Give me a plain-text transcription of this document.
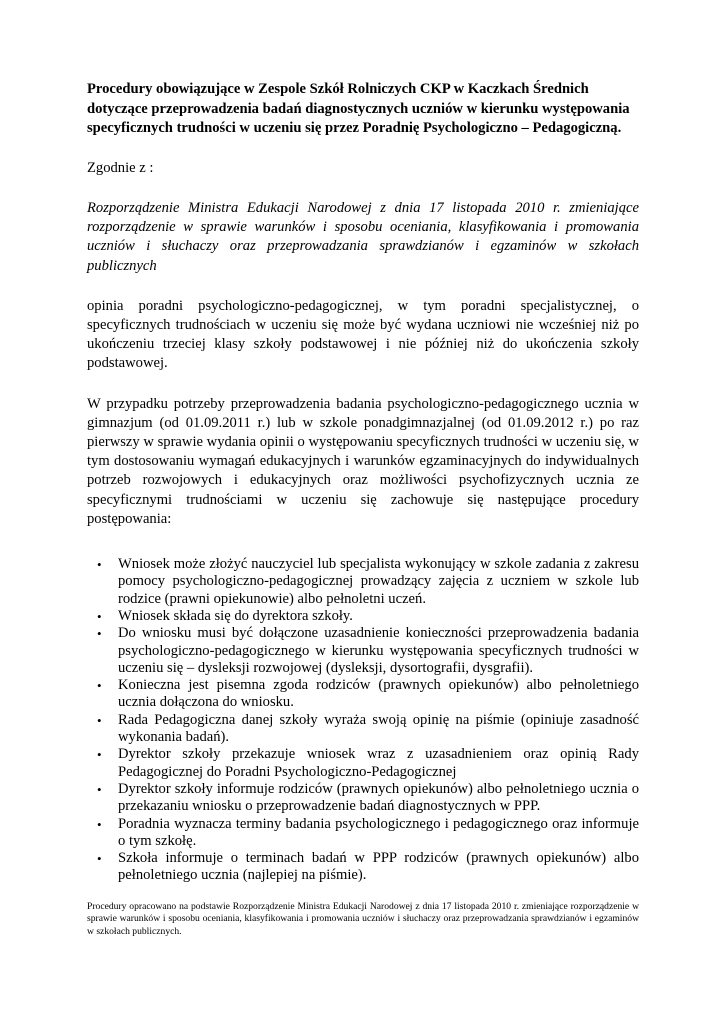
Procedury obowiązujące w Zespole Szkół Rolniczych CKP w Kaczkach Średnich dotyczące przeprowadzenia badań diagnostycznych uczniów w kierunku występowania specyficznych trudności w uczeniu się przez Poradnię Psychologiczno – Pedagogiczną.

Zgodnie z :

Rozporządzenie Ministra Edukacji Narodowej z dnia 17 listopada 2010 r. zmieniające rozporządzenie w sprawie warunków i sposobu oceniania, klasyfikowania i promowania uczniów i słuchaczy oraz przeprowadzania sprawdzianów i egzaminów w szkołach publicznych

opinia poradni psychologiczno-pedagogicznej, w tym poradni specjalistycznej, o specyficznych trudnościach w uczeniu się może być wydana uczniowi nie wcześniej niż po ukończeniu trzeciej klasy szkoły podstawowej i nie później niż do ukończenia szkoły podstawowej.

W przypadku potrzeby przeprowadzenia badania psychologiczno-pedagogicznego ucznia w gimnazjum (od 01.09.2011 r.) lub w szkole ponadgimnazjalnej (od 01.09.2012 r.) po raz pierwszy w sprawie wydania opinii o występowaniu specyficznych trudności w uczeniu się, w tym dostosowaniu wymagań edukacyjnych i warunków egzaminacyjnych do indywidualnych potrzeb rozwojowych i edukacyjnych oraz możliwości psychofizycznych ucznia ze specyficznymi trudnościami w uczeniu się zachowuje się następujące procedury postępowania:

• Wniosek może złożyć nauczyciel lub specjalista wykonujący w szkole zadania z zakresu pomocy psychologiczno-pedagogicznej prowadzący zajęcia z uczniem w szkole lub rodzice (prawni opiekunowie) albo pełnoletni uczeń.
• Wniosek składa się do dyrektora szkoły.
• Do wniosku musi być dołączone uzasadnienie konieczności przeprowadzenia badania psychologiczno-pedagogicznego w kierunku występowania specyficznych trudności w uczeniu się – dysleksji rozwojowej (dysleksji, dysortografii, dysgrafii).
• Konieczna jest pisemna zgoda rodziców (prawnych opiekunów) albo pełnoletniego ucznia dołączona do wniosku.
• Rada Pedagogiczna danej szkoły wyraża swoją opinię na piśmie (opiniuje zasadność wykonania badań).
• Dyrektor szkoły przekazuje wniosek wraz z uzasadnieniem oraz opinią Rady Pedagogicznej do Poradni Psychologiczno-Pedagogicznej
• Dyrektor szkoły informuje rodziców (prawnych opiekunów) albo pełnoletniego ucznia o przekazaniu wniosku o przeprowadzenie badań diagnostycznych w PPP.
• Poradnia wyznacza terminy badania psychologicznego i pedagogicznego oraz informuje o tym szkołę.
• Szkoła informuje o terminach badań w PPP rodziców (prawnych opiekunów) albo pełnoletniego ucznia (najlepiej na piśmie).

Procedury opracowano na podstawie Rozporządzenie Ministra Edukacji Narodowej z dnia 17 listopada 2010 r. zmieniające rozporządzenie w sprawie warunków i sposobu oceniania, klasyfikowania i promowania uczniów i słuchaczy oraz przeprowadzania sprawdzianów i egzaminów w szkołach publicznych.
